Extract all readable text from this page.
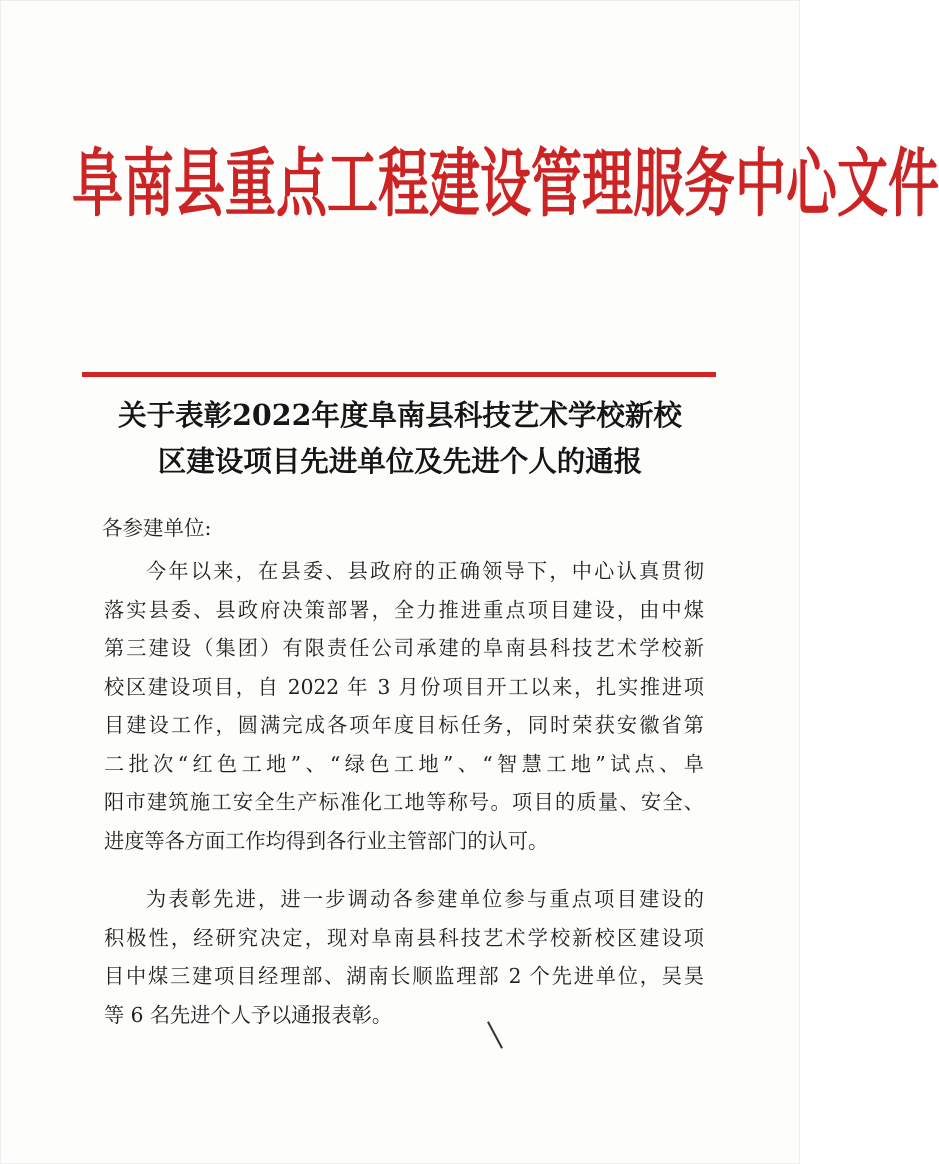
阜南县重点工程建设管理服务中心文件
关于表彰2022年度阜南县科技艺术学校新校
区建设项目先进单位及先进个人的通报
各参建单位:
今年以来，在县委、县政府的正确领导下，中心认真贯彻
落实县委、县政府决策部署，全力推进重点项目建设，由中煤
第三建设（集团）有限责任公司承建的阜南县科技艺术学校新
校区建设项目，自 2022 年 3 月份项目开工以来，扎实推进项
目建设工作，圆满完成各项年度目标任务，同时荣获安徽省第
二批次“红色工地”、“绿色工地”、“智慧工地”试点、阜
阳市建筑施工安全生产标准化工地等称号。项目的质量、安全、
进度等各方面工作均得到各行业主管部门的认可。
为表彰先进，进一步调动各参建单位参与重点项目建设的
积极性，经研究决定，现对阜南县科技艺术学校新校区建设项
目中煤三建项目经理部、湖南长顺监理部 2 个先进单位，吴昊
等 6 名先进个人予以通报表彰。
